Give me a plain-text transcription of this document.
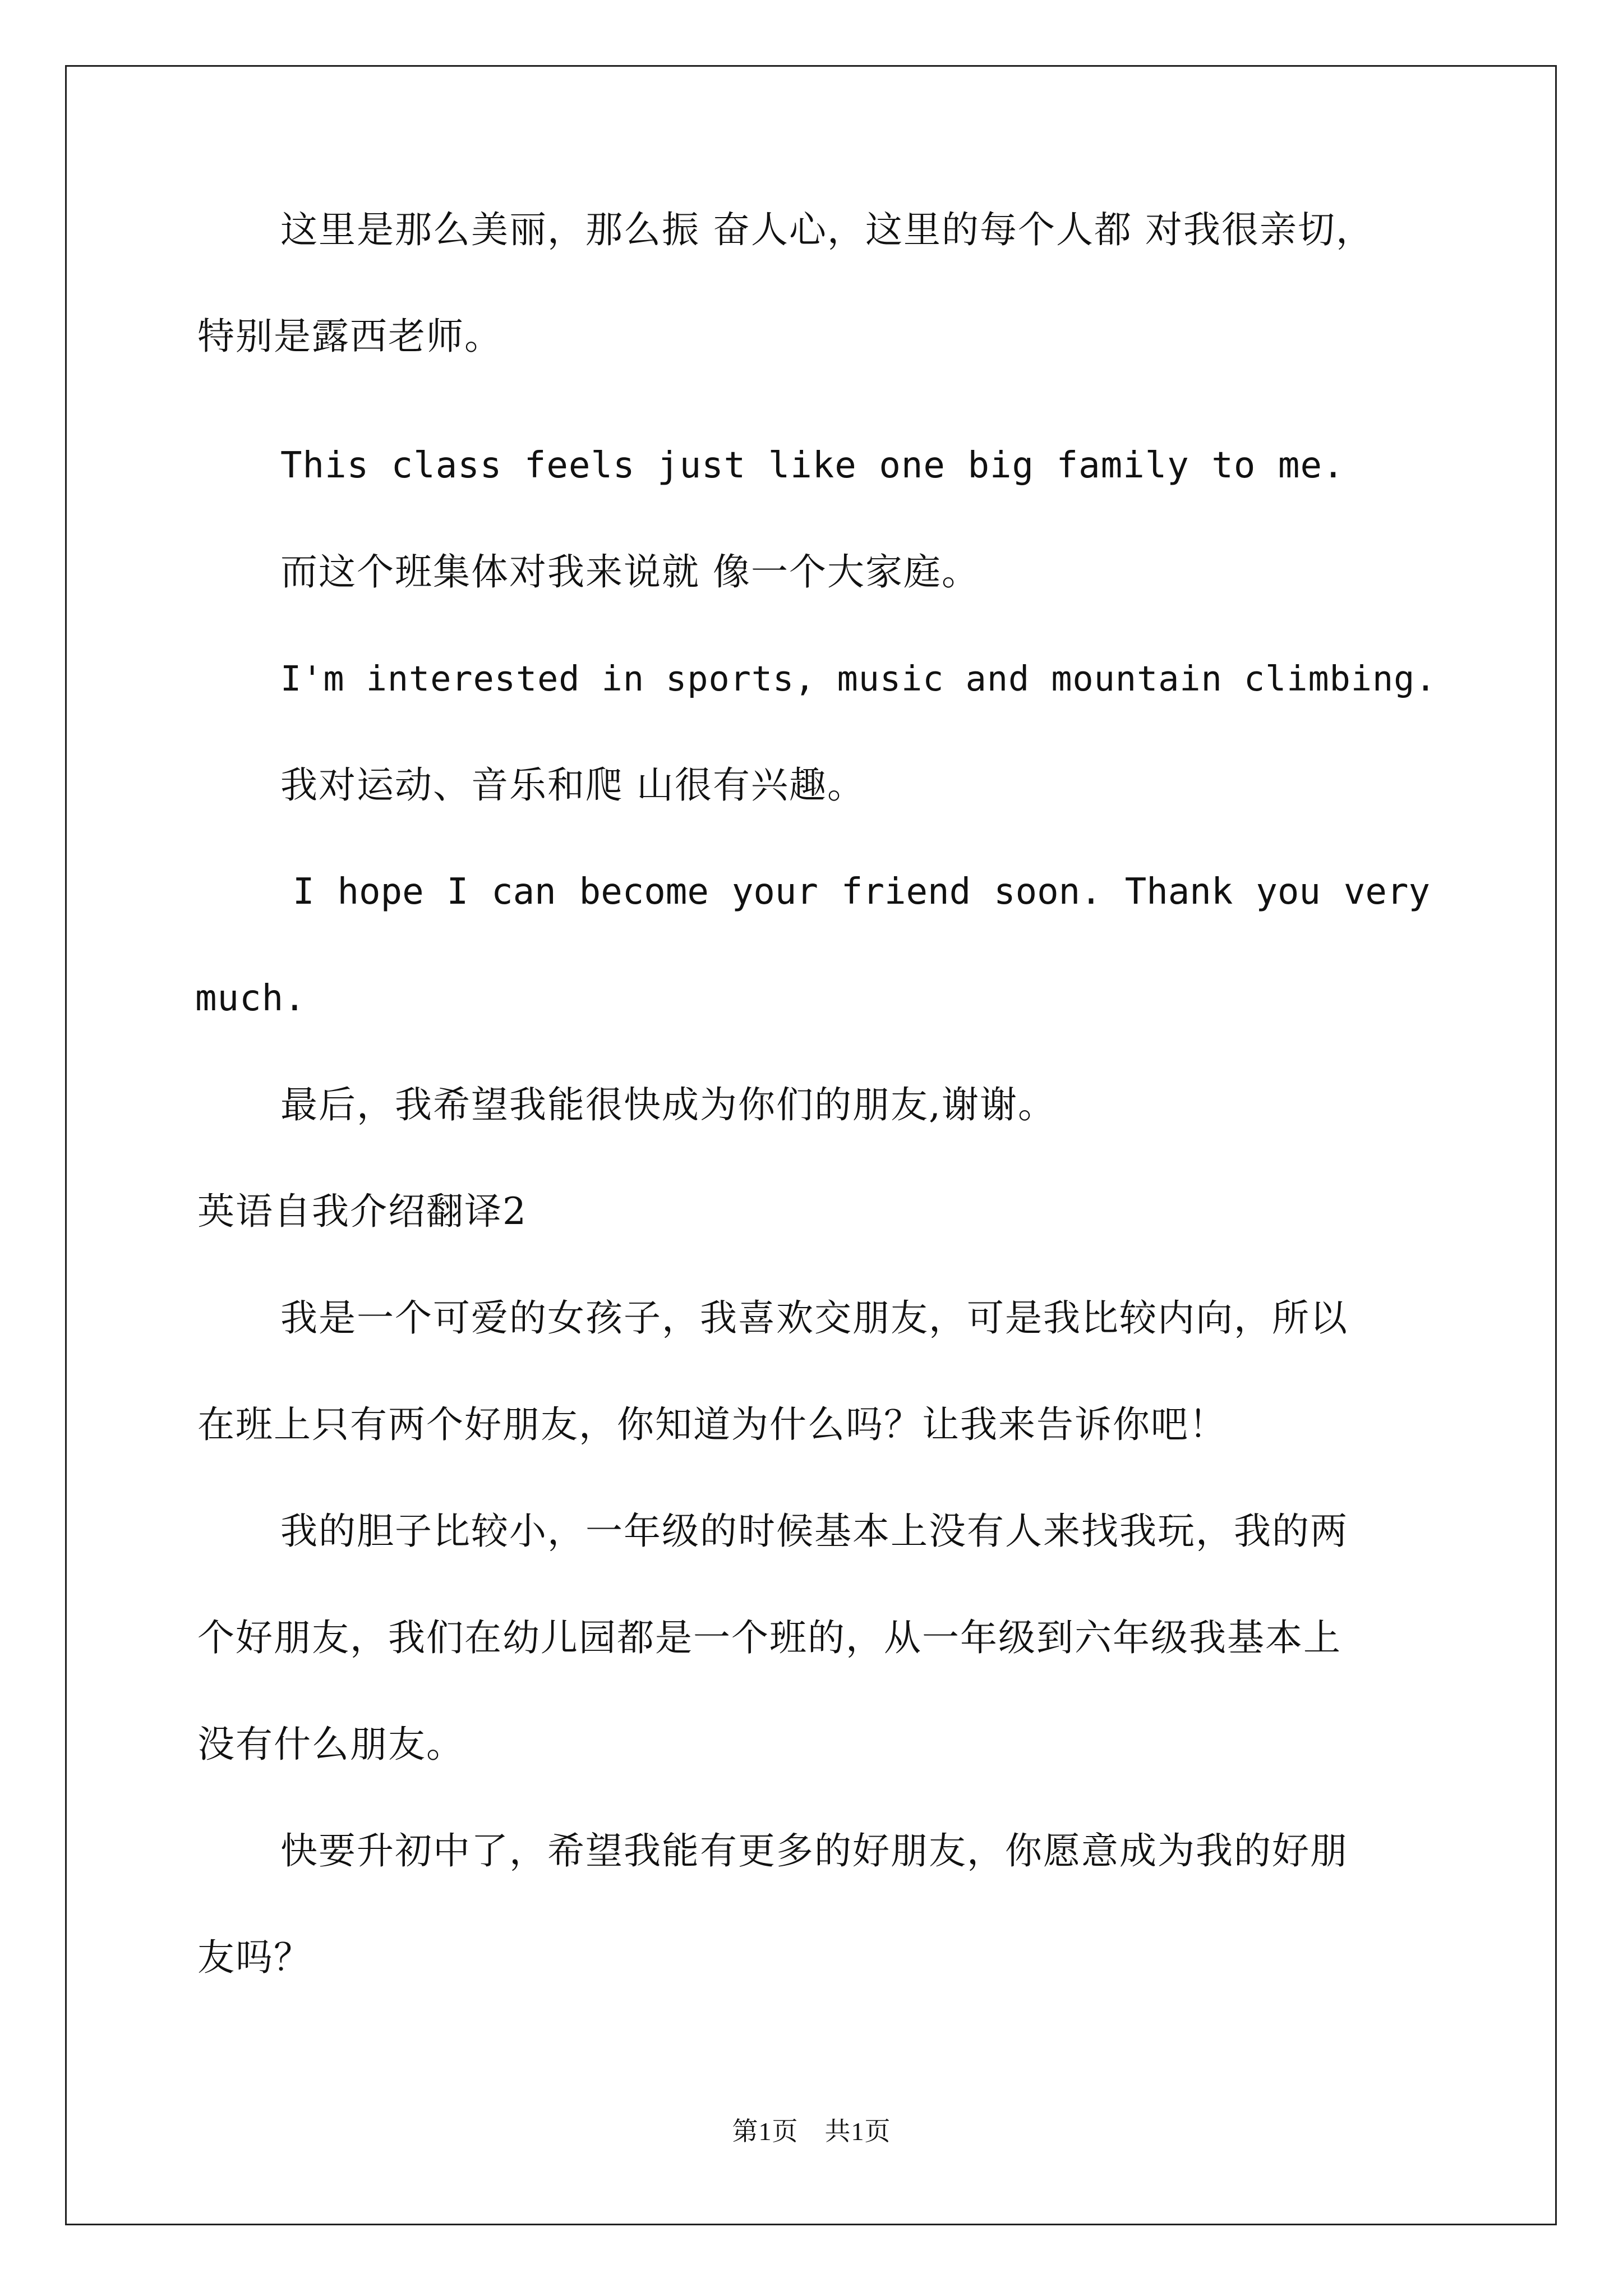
这里是那么美丽，那么振 奋人心，这里的每个人都 对我很亲切，
特别是露西老师。
This class feels just like one big family to me.
而这个班集体对我来说就 像一个大家庭。
I'm interested in sports, music and mountain climbing.
我对运动、音乐和爬 山很有兴趣。
I hope I can become your friend soon. Thank you very
much.
最后，我希望我能很快成为你们的朋友,谢谢。
英语自我介绍翻译2
我是一个可爱的女孩子，我喜欢交朋友，可是我比较内向，所以
在班上只有两个好朋友，你知道为什么吗？让我来告诉你吧！
我的胆子比较小，一年级的时候基本上没有人来找我玩，我的两
个好朋友，我们在幼儿园都是一个班的，从一年级到六年级我基本上
没有什么朋友。
快要升初中了，希望我能有更多的好朋友，你愿意成为我的好朋
友吗？
第1页　共1页
